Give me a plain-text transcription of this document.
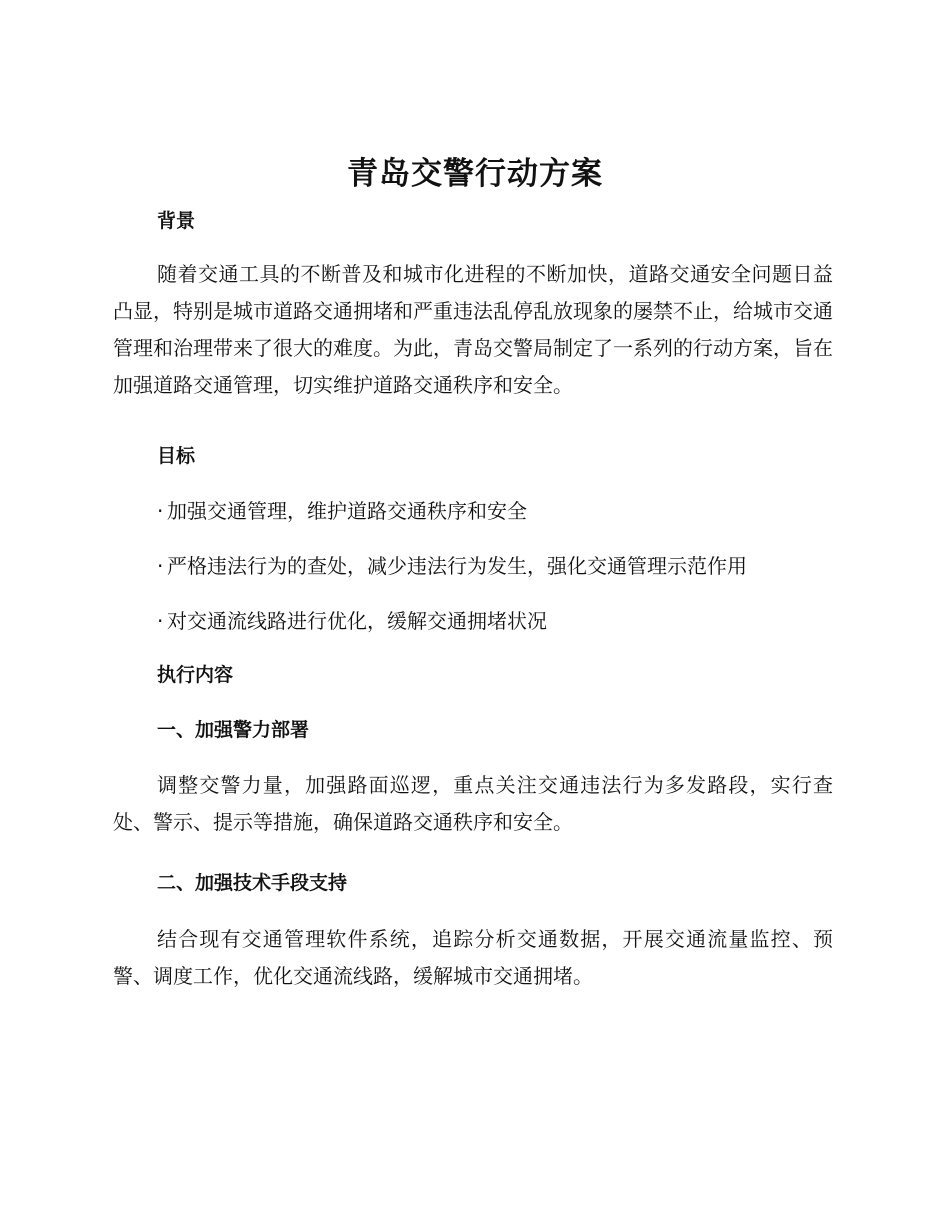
青岛交警行动方案
背景

随着交通工具的不断普及和城市化进程的不断加快，道路交通安全问题日益凸显，特别是城市道路交通拥堵和严重违法乱停乱放现象的屡禁不止，给城市交通管理和治理带来了很大的难度。为此，青岛交警局制定了一系列的行动方案，旨在加强道路交通管理，切实维护道路交通秩序和安全。

目标

· 加强交通管理，维护道路交通秩序和安全

· 严格违法行为的查处，减少违法行为发生，强化交通管理示范作用

· 对交通流线路进行优化，缓解交通拥堵状况

执行内容
一、加强警力部署

调整交警力量，加强路面巡逻，重点关注交通违法行为多发路段，实行查处、警示、提示等措施，确保道路交通秩序和安全。

二、加强技术手段支持

结合现有交通管理软件系统，追踪分析交通数据，开展交通流量监控、预警、调度工作，优化交通流线路，缓解城市交通拥堵。
